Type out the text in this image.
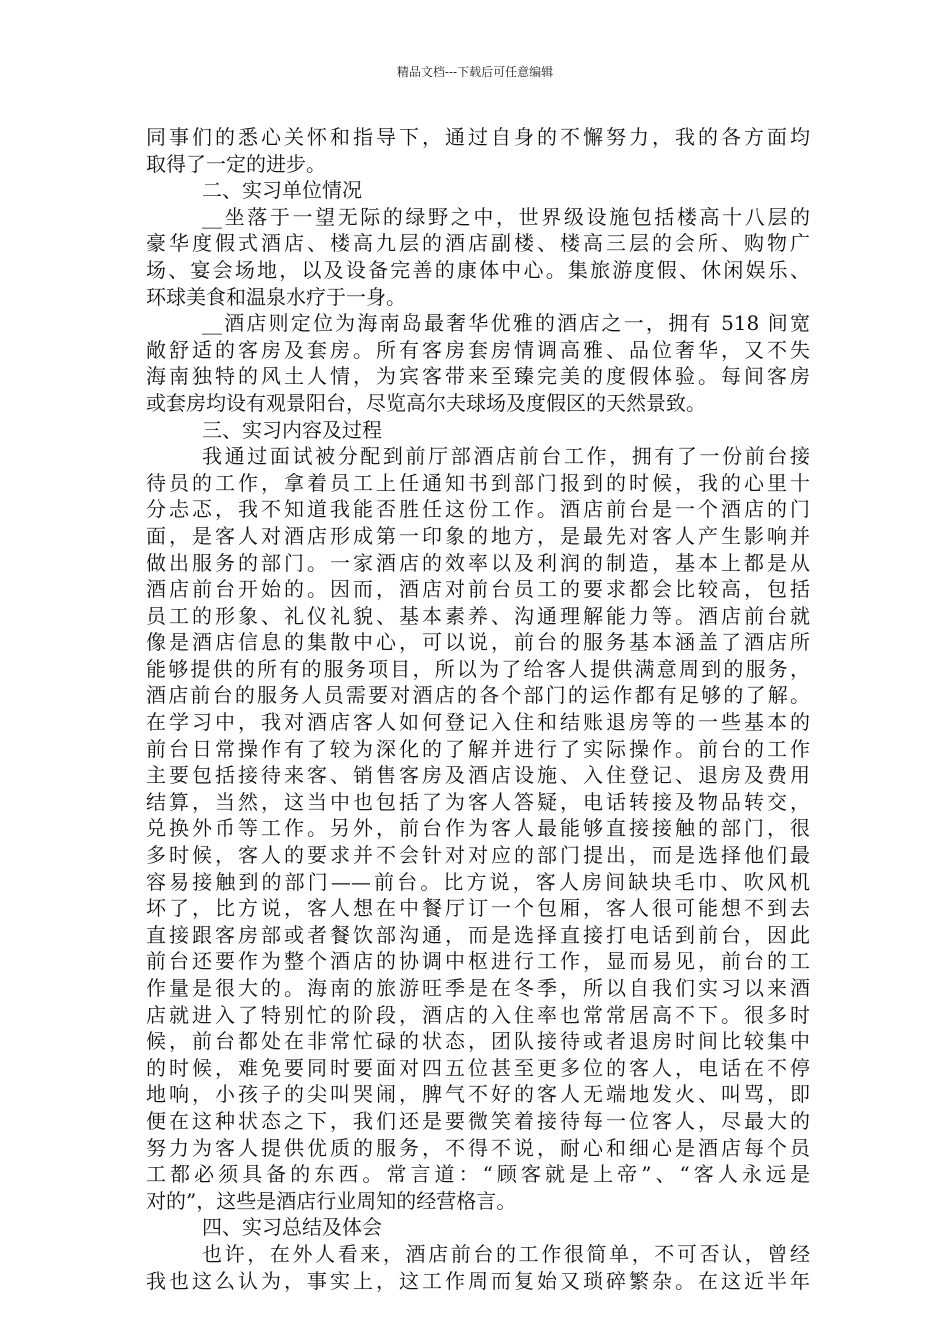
精品文档---下载后可任意编辑
同事们的悉心关怀和指导下，通过自身的不懈努力，我的各方面均
取得了一定的进步。
二、实习单位情况
__坐落于一望无际的绿野之中，世界级设施包括楼高十八层的
豪华度假式酒店、楼高九层的酒店副楼、楼高三层的会所、购物广
场、宴会场地，以及设备完善的康体中心。集旅游度假、休闲娱乐、
环球美食和温泉水疗于一身。
__酒店则定位为海南岛最奢华优雅的酒店之一，拥有 518 间宽
敞舒适的客房及套房。所有客房套房情调高雅、品位奢华，又不失
海南独特的风土人情，为宾客带来至臻完美的度假体验。每间客房
或套房均设有观景阳台，尽览高尔夫球场及度假区的天然景致。
三、实习内容及过程
我通过面试被分配到前厅部酒店前台工作，拥有了一份前台接
待员的工作，拿着员工上任通知书到部门报到的时候，我的心里十
分忐忑，我不知道我能否胜任这份工作。酒店前台是一个酒店的门
面，是客人对酒店形成第一印象的地方，是最先对客人产生影响并
做出服务的部门。一家酒店的效率以及利润的制造，基本上都是从
酒店前台开始的。因而，酒店对前台员工的要求都会比较高，包括
员工的形象、礼仪礼貌、基本素养、沟通理解能力等。酒店前台就
像是酒店信息的集散中心，可以说，前台的服务基本涵盖了酒店所
能够提供的所有的服务项目，所以为了给客人提供满意周到的服务，
酒店前台的服务人员需要对酒店的各个部门的运作都有足够的了解。
在学习中，我对酒店客人如何登记入住和结账退房等的一些基本的
前台日常操作有了较为深化的了解并进行了实际操作。前台的工作
主要包括接待来客、销售客房及酒店设施、入住登记、退房及费用
结算，当然，这当中也包括了为客人答疑，电话转接及物品转交，
兑换外币等工作。另外，前台作为客人最能够直接接触的部门，很
多时候，客人的要求并不会针对对应的部门提出，而是选择他们最
容易接触到的部门——前台。比方说，客人房间缺块毛巾、吹风机
坏了，比方说，客人想在中餐厅订一个包厢，客人很可能想不到去
直接跟客房部或者餐饮部沟通，而是选择直接打电话到前台，因此
前台还要作为整个酒店的协调中枢进行工作，显而易见，前台的工
作量是很大的。海南的旅游旺季是在冬季，所以自我们实习以来酒
店就进入了特别忙的阶段，酒店的入住率也常常居高不下。很多时
候，前台都处在非常忙碌的状态，团队接待或者退房时间比较集中
的时候，难免要同时要面对四五位甚至更多位的客人，电话在不停
地响，小孩子的尖叫哭闹，脾气不好的客人无端地发火、叫骂，即
便在这种状态之下，我们还是要微笑着接待每一位客人，尽最大的
努力为客人提供优质的服务，不得不说，耐心和细心是酒店每个员
工都必须具备的东西。常言道：“顾客就是上帝”、“客人永远是
对的”，这些是酒店行业周知的经营格言。
四、实习总结及体会
也许，在外人看来，酒店前台的工作很简单，不可否认，曾经
我也这么认为，事实上，这工作周而复始又琐碎繁杂。在这近半年
